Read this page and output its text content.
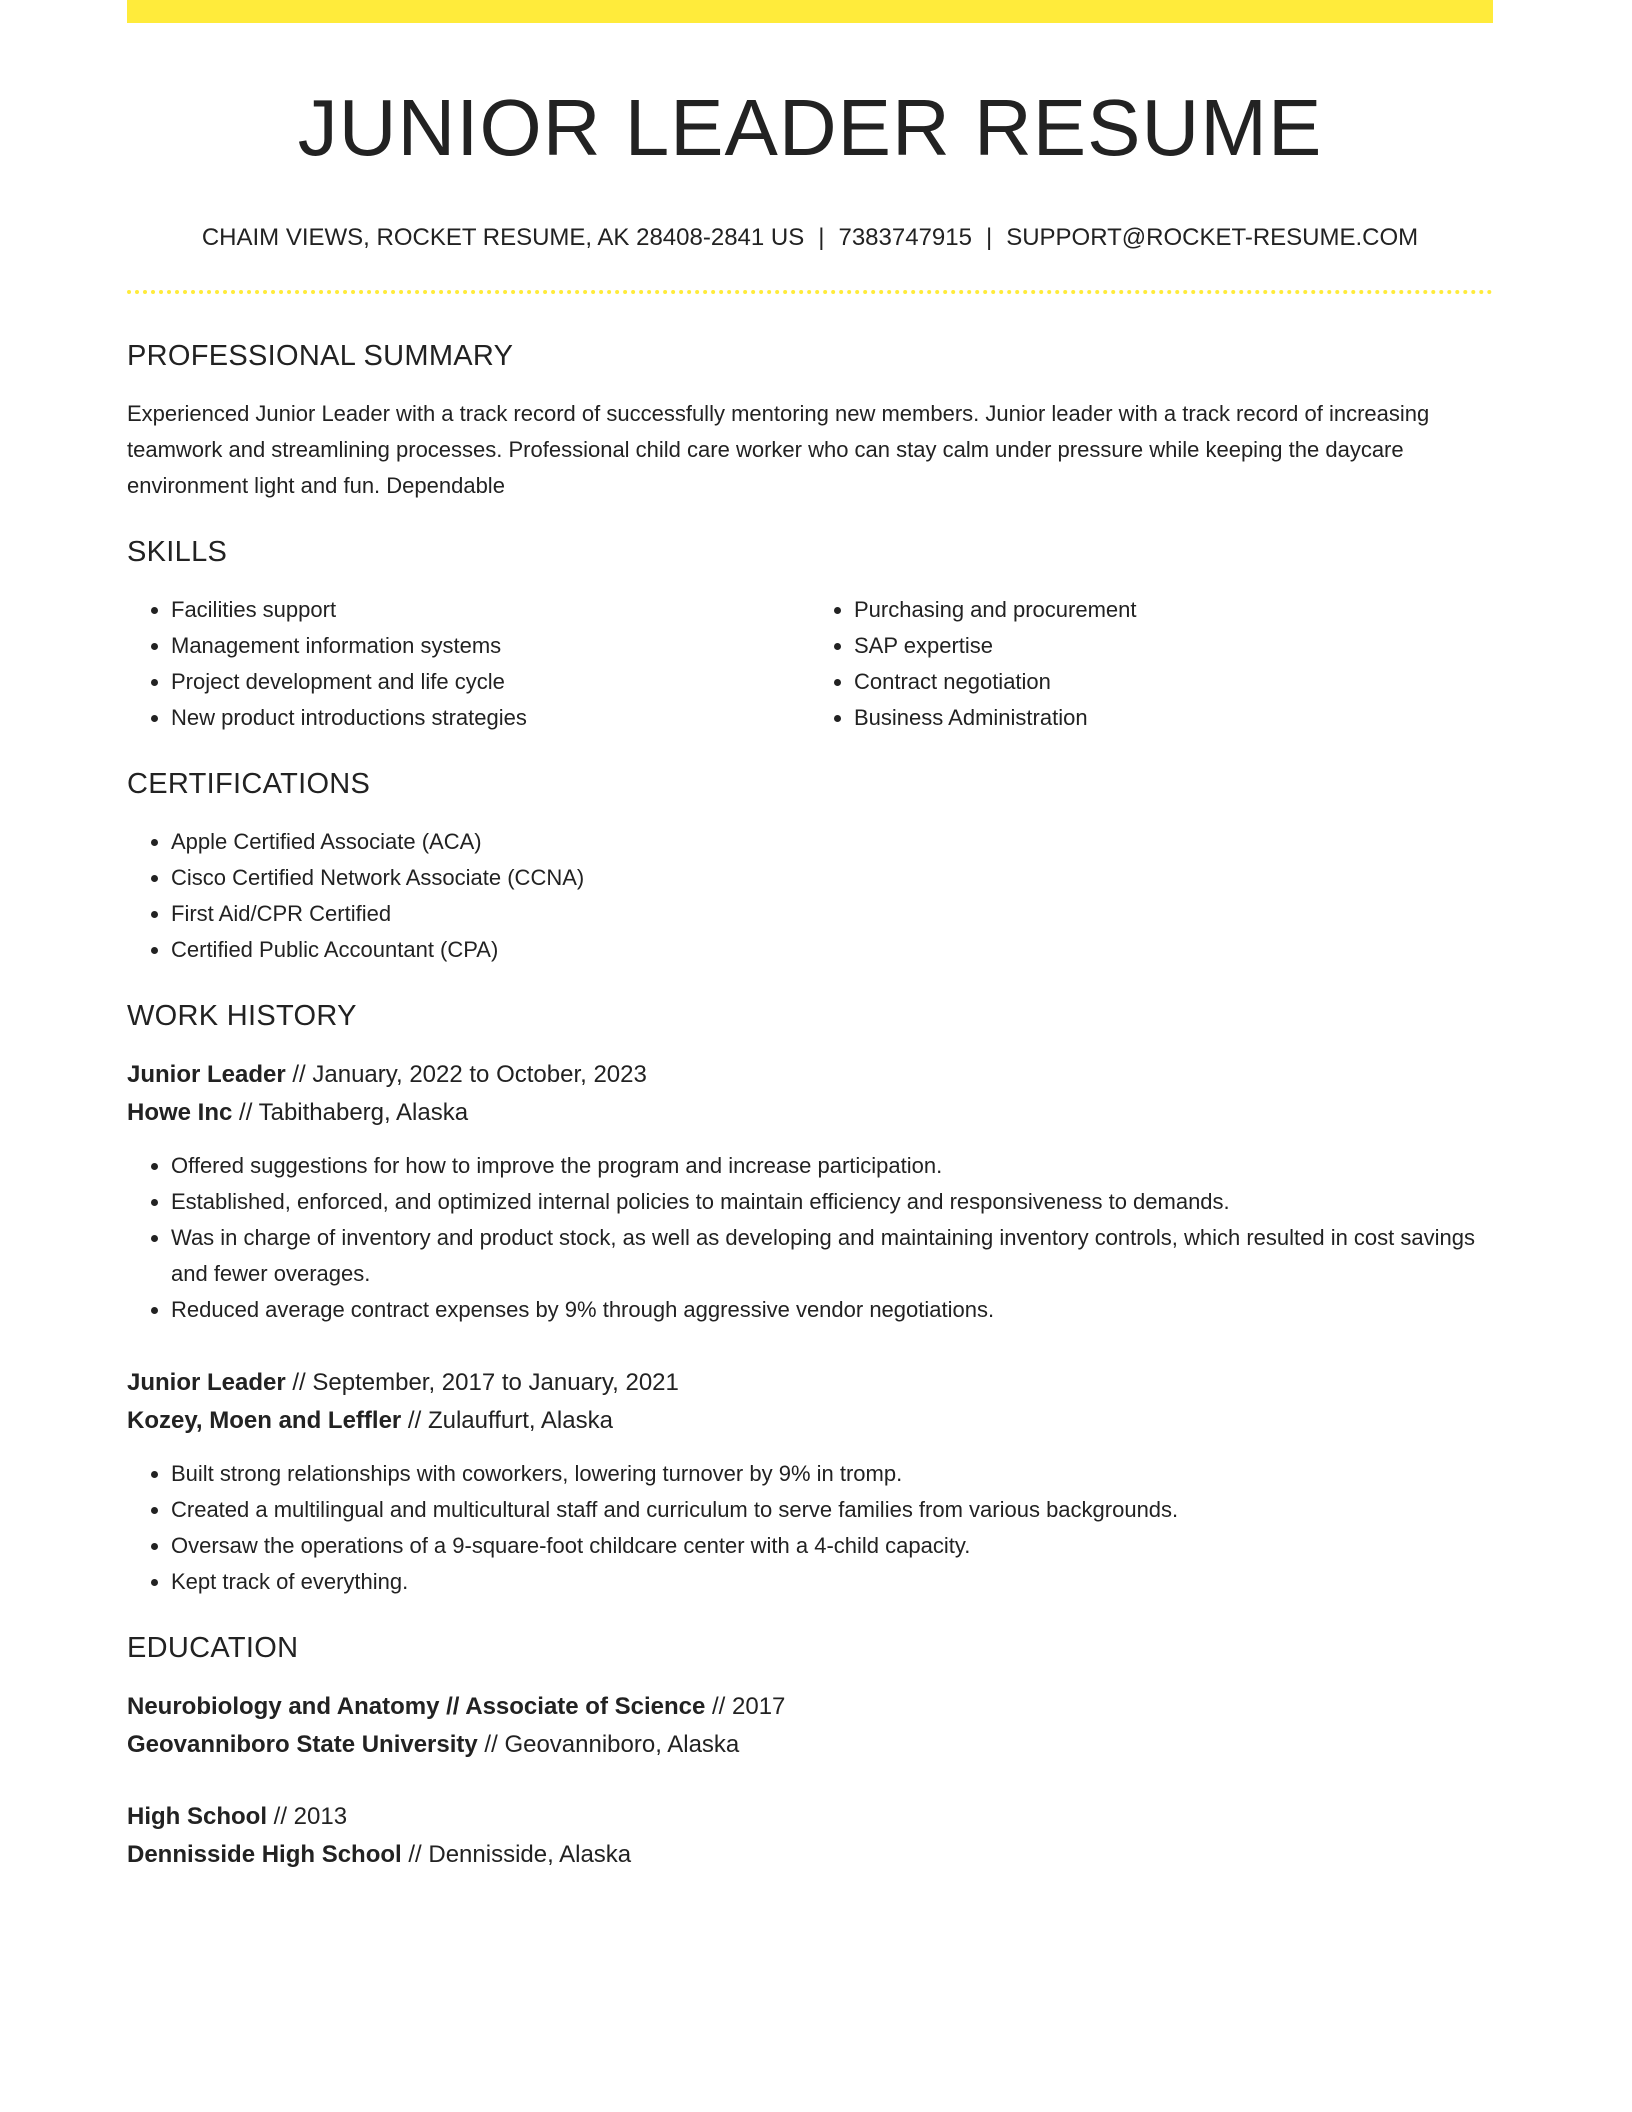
JUNIOR LEADER RESUME
CHAIM VIEWS, ROCKET RESUME, AK 28408-2841 US | 7383747915 | SUPPORT@ROCKET-RESUME.COM
PROFESSIONAL SUMMARY

Experienced Junior Leader with a track record of successfully mentoring new members. Junior leader with a track record of increasing teamwork and streamlining processes. Professional child care worker who can stay calm under pressure while keeping the daycare environment light and fun. Dependable

SKILLS
• Facilities support
• Management information systems
• Project development and life cycle
• New product introductions strategies
• Purchasing and procurement
• SAP expertise
• Contract negotiation
• Business Administration
CERTIFICATIONS
• Apple Certified Associate (ACA)
• Cisco Certified Network Associate (CCNA)
• First Aid/CPR Certified
• Certified Public Accountant (CPA)
WORK HISTORY
Junior Leader // January, 2022 to October, 2023
Howe Inc // Tabithaberg, Alaska
• Offered suggestions for how to improve the program and increase participation.
• Established, enforced, and optimized internal policies to maintain efficiency and responsiveness to demands.
• Was in charge of inventory and product stock, as well as developing and maintaining inventory controls, which resulted in cost savings and fewer overages.
• Reduced average contract expenses by 9% through aggressive vendor negotiations.
Junior Leader // September, 2017 to January, 2021
Kozey, Moen and Leffler // Zulauffurt, Alaska
• Built strong relationships with coworkers, lowering turnover by 9% in tromp.
• Created a multilingual and multicultural staff and curriculum to serve families from various backgrounds.
• Oversaw the operations of a 9-square-foot childcare center with a 4-child capacity.
• Kept track of everything.
EDUCATION
Neurobiology and Anatomy // Associate of Science // 2017
Geovanniboro State University // Geovanniboro, Alaska
High School // 2013
Dennisside High School // Dennisside, Alaska
